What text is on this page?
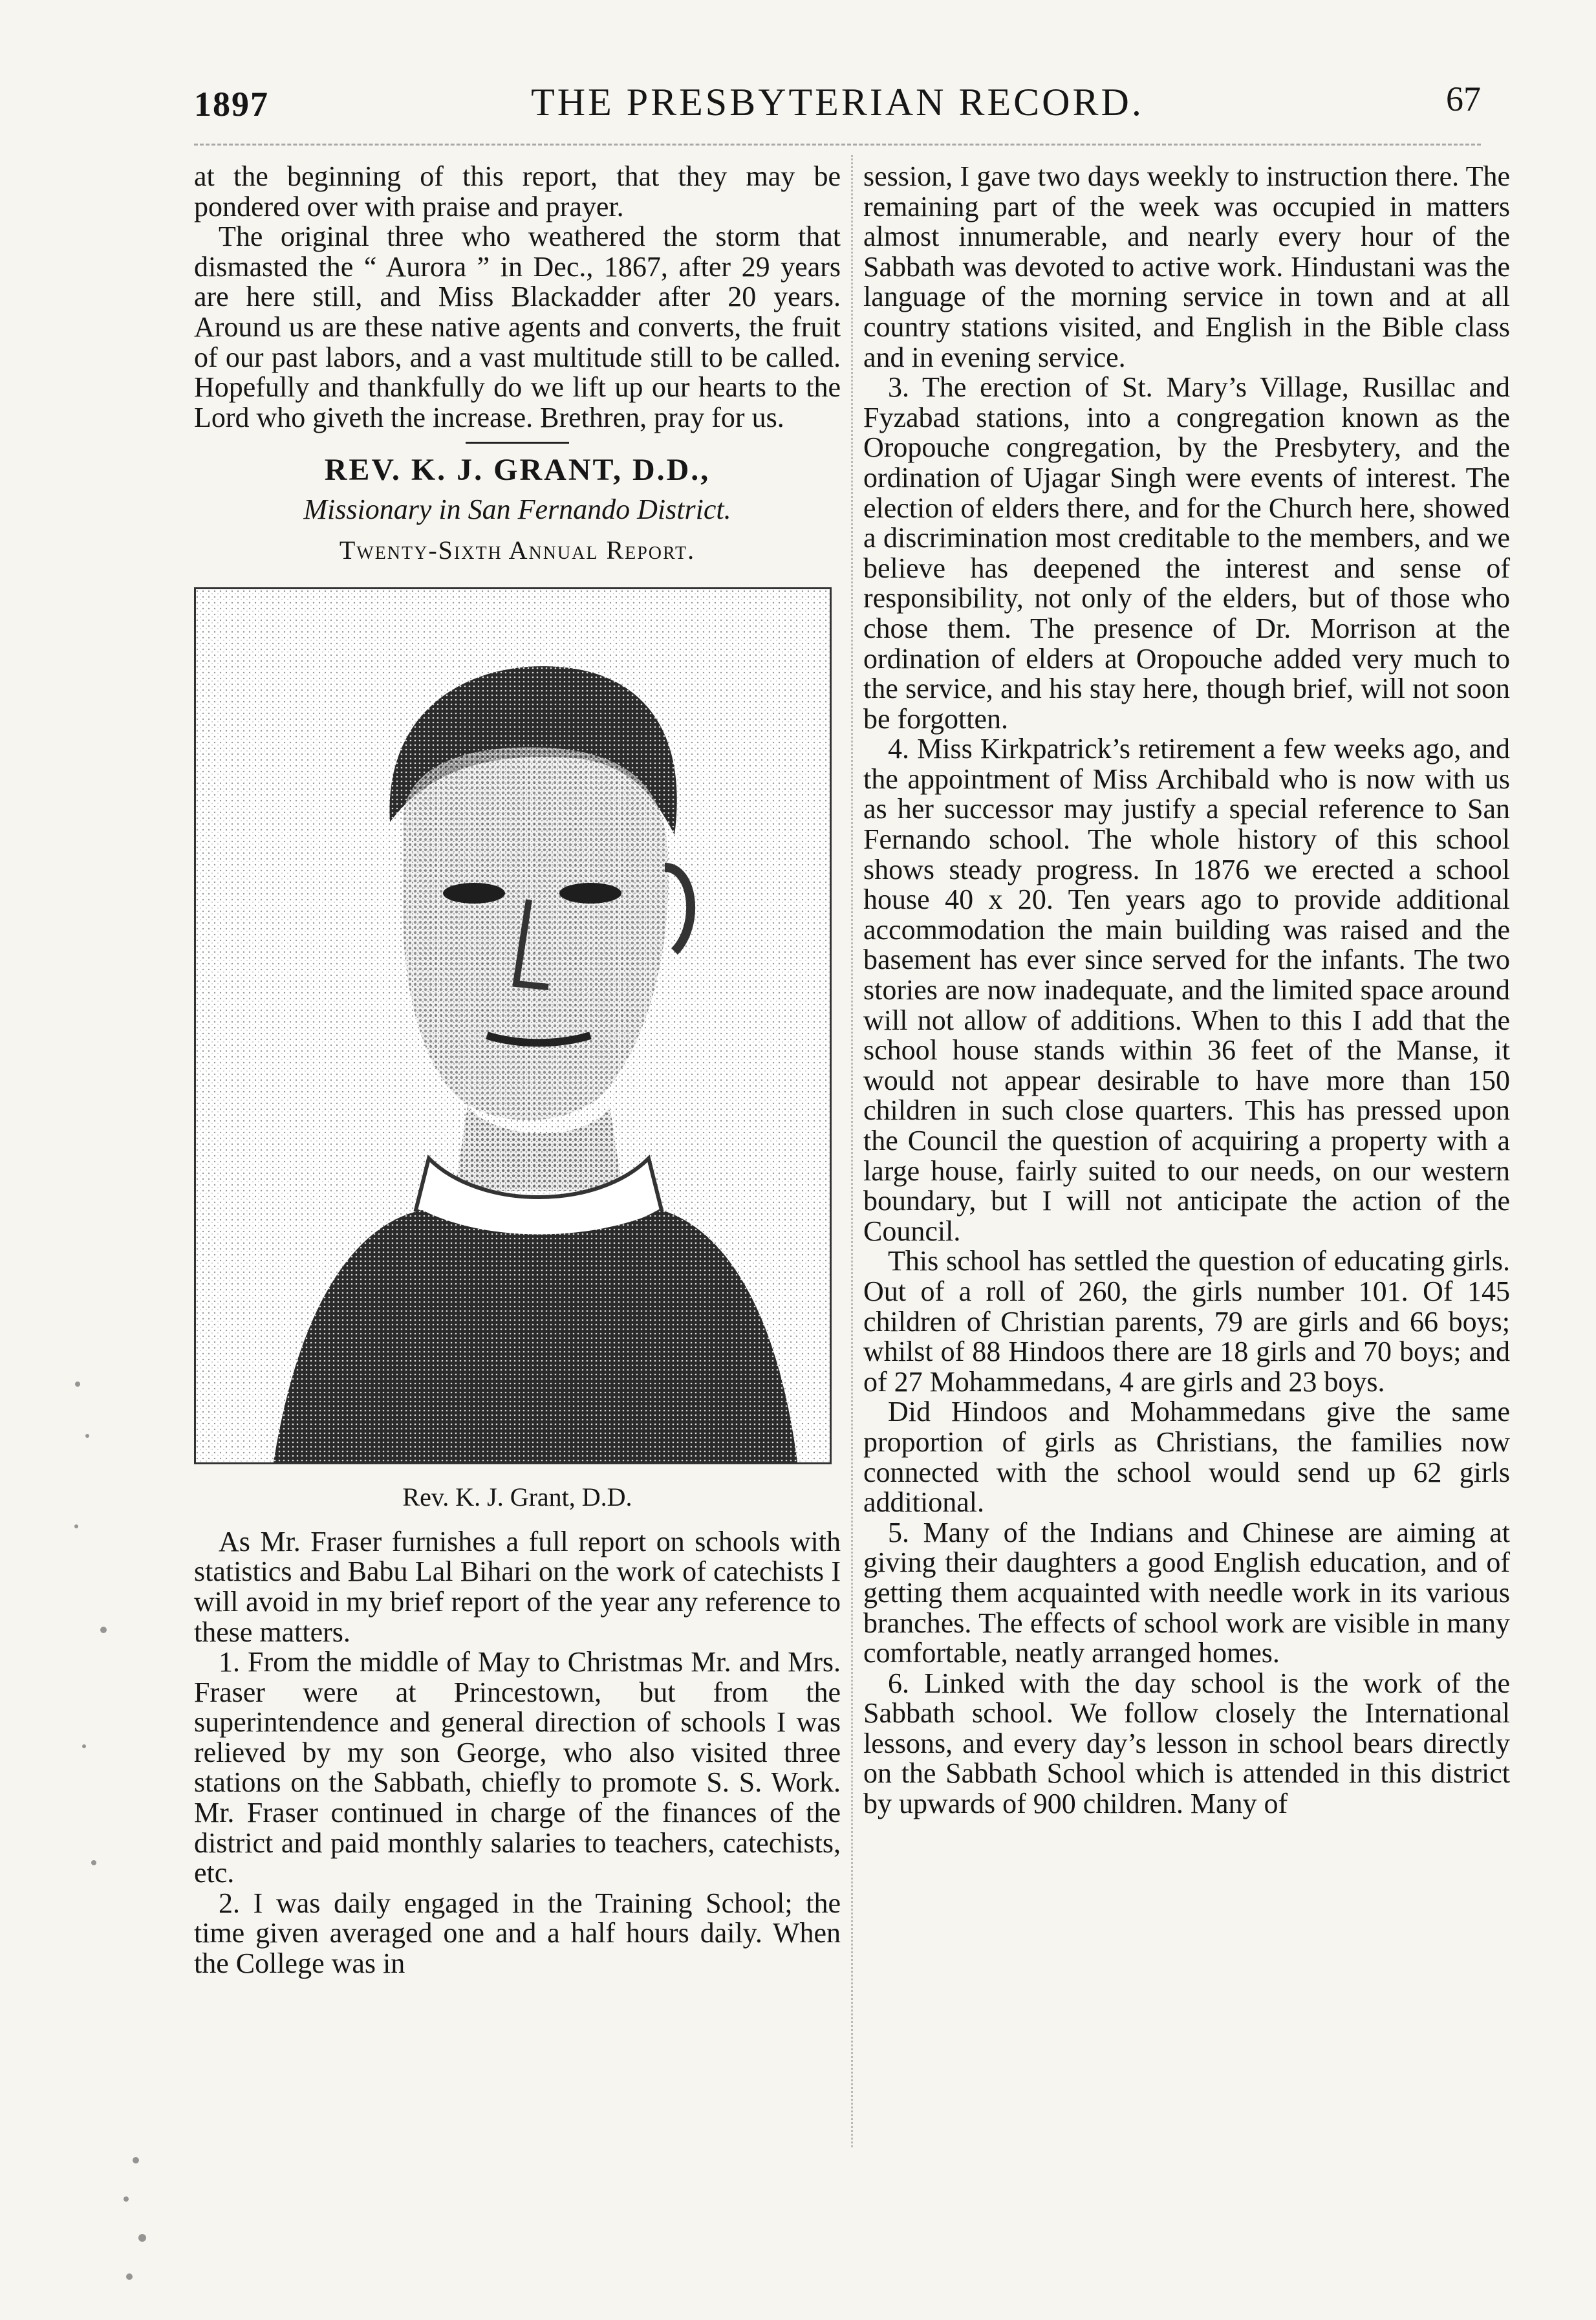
1897	THE PRESBYTERIAN RECORD.	67

at the beginning of this report, that they may be pondered over with praise and prayer.

The original three who weathered the storm that dismasted the “ Aurora ” in Dec., 1867, after 29 years are here still, and Miss Blackadder after 20 years. Around us are these native agents and converts, the fruit of our past labors, and a vast multitude still to be called. Hopefully and thankfully do we lift up our hearts to the Lord who giveth the increase. Brethren, pray for us.

REV. K. J. GRANT, D.D.,
Missionary in San Fernando District.
Twenty-Sixth Annual Report.
Rev. K. J. Grant, D.D.

As Mr. Fraser furnishes a full report on schools with statistics and Babu Lal Bihari on the work of catechists I will avoid in my brief report of the year any reference to these matters.

1. From the middle of May to Christmas Mr. and Mrs. Fraser were at Princestown, but from the superintendence and general direction of schools I was relieved by my son George, who also visited three stations on the Sabbath, chiefly to promote S. S. Work. Mr. Fraser continued in charge of the finances of the district and paid monthly salaries to teachers, catechists, etc.

2. I was daily engaged in the Training School; the time given averaged one and a half hours daily. When the College was in

session, I gave two days weekly to instruction there. The remaining part of the week was occupied in matters almost innumerable, and nearly every hour of the Sabbath was devoted to active work. Hindustani was the language of the morning service in town and at all country stations visited, and English in the Bible class and in evening service.

3. The erection of St. Mary’s Village, Rusillac and Fyzabad stations, into a congregation known as the Oropouche congregation, by the Presbytery, and the ordination of Ujagar Singh were events of interest. The election of elders there, and for the Church here, showed a discrimination most creditable to the members, and we believe has deepened the interest and sense of responsibility, not only of the elders, but of those who chose them. The presence of Dr. Morrison at the ordination of elders at Oropouche added very much to the service, and his stay here, though brief, will not soon be forgotten.

4. Miss Kirkpatrick’s retirement a few weeks ago, and the appointment of Miss Archibald who is now with us as her successor may justify a special reference to San Fernando school. The whole history of this school shows steady progress. In 1876 we erected a school house 40 x 20. Ten years ago to provide additional accommodation the main building was raised and the basement has ever since served for the infants. The two stories are now inadequate, and the limited space around will not allow of additions. When to this I add that the school house stands within 36 feet of the Manse, it would not appear desirable to have more than 150 children in such close quarters. This has pressed upon the Council the question of acquiring a property with a large house, fairly suited to our needs, on our western boundary, but I will not anticipate the action of the Council.

This school has settled the question of educating girls. Out of a roll of 260, the girls number 101. Of 145 children of Christian parents, 79 are girls and 66 boys; whilst of 88 Hindoos there are 18 girls and 70 boys; and of 27 Mohammedans, 4 are girls and 23 boys.

Did Hindoos and Mohammedans give the same proportion of girls as Christians, the families now connected with the school would send up 62 girls additional.

5. Many of the Indians and Chinese are aiming at giving their daughters a good English education, and of getting them acquainted with needle work in its various branches. The effects of school work are visible in many comfortable, neatly arranged homes.

6. Linked with the day school is the work of the Sabbath school. We follow closely the International lessons, and every day’s lesson in school bears directly on the Sabbath School which is attended in this district by upwards of 900 children. Many of
